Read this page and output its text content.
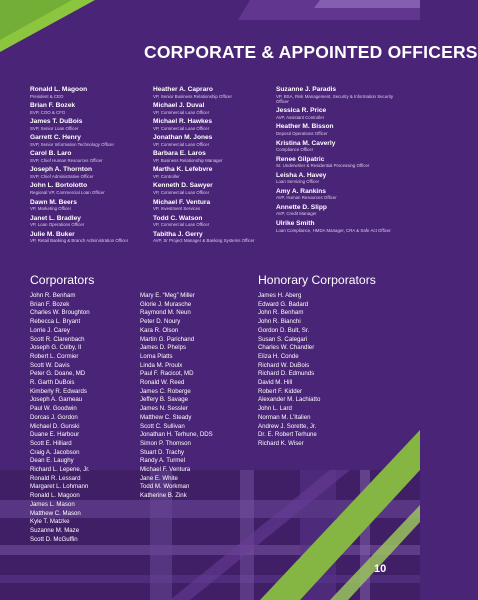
CORPORATE & APPOINTED OFFICERS
Ronald L. Magoon
President & CEO
Brian F. Bozek
EVP, COO & CFO
James T. DuBois
SVP, Senior Loan Officer
Garrett C. Henry
SVP, Senior Information Technology Officer
Carol B. Laro
SVP, Chief Human Resources Officer
Joseph A. Thornton
SVP, Chief Administrative Officer
John L. Bortolotto
Regional VP, Commercial Loan Officer
Dawn M. Beers
VP, Marketing Officer
Janet L. Bradley
VP, Loan Operations Officer
Julie M. Buker
VP, Retail Banking & Branch Administration Officer
Heather A. Capraro
VP, Senior Business Relationship Officer
Michael J. Duval
VP, Commercial Loan Officer
Michael R. Hawkes
VP, Commercial Loan Officer
Jonathan M. Jones
VP, Commercial Loan Officer
Barbara E. Laros
VP, Business Relationship Manager
Martha K. Lefebvre
VP, Controller
Kenneth D. Sawyer
VP, Commercial Loan Officer
Michael F. Ventura
VP, Investment Services
Todd C. Watson
VP, Commercial Loan Officer
Tabitha J. Gerry
AVP, Sr Project Manager & Banking Systems Officer
Suzanne J. Paradis
VP, BSA, Risk Management, Security & Information Security Officer
Jessica R. Price
AVP, Assistant Controller
Heather M. Bisson
Deposit Operations Officer
Kristina M. Caverly
Compliance Officer
Renee Gilpatric
Sr. Underwriter & Residential Processing Officer
Leisha A. Havey
Loan Servicing Officer
Amy A. Rankins
AVP, Human Resources Officer
Annette D. Slipp
AVP, Credit Manager
Ulrike Smith
Loan Compliance, HMDA Manager, CRA & Safe Act Officer
Corporators	Honorary Corporators
John R. Benham
Brian F. Bozek
Charles W. Broughton
Rebecca L. Bryant
Lorrie J. Carey
Scott R. Clarenbach
Joseph G. Colby, II
Robert L. Cormier
Scott W. Davis
Peter G. Doane, MD
R. Garth DuBois
Kimberly R. Edwards
Joseph A. Garneau
Paul W. Goodwin
Dorcas J. Gordon
Michael D. Gunski
Duane E. Harbour
Scott E. Hilliard
Craig A. Jacobson
Dean E. Laughy
Richard L. Lepene, Jr.
Ronald R. Lessard
Margaret L. Lohmann
Ronald L. Magoon
James L. Mason
Matthew C. Mason
Kyle T. Matzke
Suzanne M. Maze
Scott D. McGuffin
Mary E. “Meg” Miller
Glorie J. Murasche
Raymond M. Neun
Peter D. Noury
Kara R. Olson
Martin G. Parichand
James D. Phelps
Lorna Platts
Linda M. Proulx
Paul F. Racicot, MD
Ronald W. Reed
James C. Roberge
Jeffery B. Savage
James N. Sessler
Matthew C. Steady
Scott C. Sullivan
Jonathan H. Terhune, DDS
Simon P. Thomson
Stuart D. Trachy
Randy A. Turmel
Michael F. Ventura
Jane E. White
Todd M. Workman
Katherine B. Zink
James H. Aberg
Edward G. Badard
John R. Benham
John R. Bianchi
Gordon D. Bult, Sr.
Susan S. Calegari
Charles W. Chandler
Eliza H. Conde
Richard W. DuBois
Richard D. Edmunds
David M. Hill
Robert F. Kidder
Alexander M. Lachiatto
John L. Lard
Norman M. L’Italien
Andrew J. Sorette, Jr.
Dr. E. Robert Terhune
Richard K. Wiser
10
